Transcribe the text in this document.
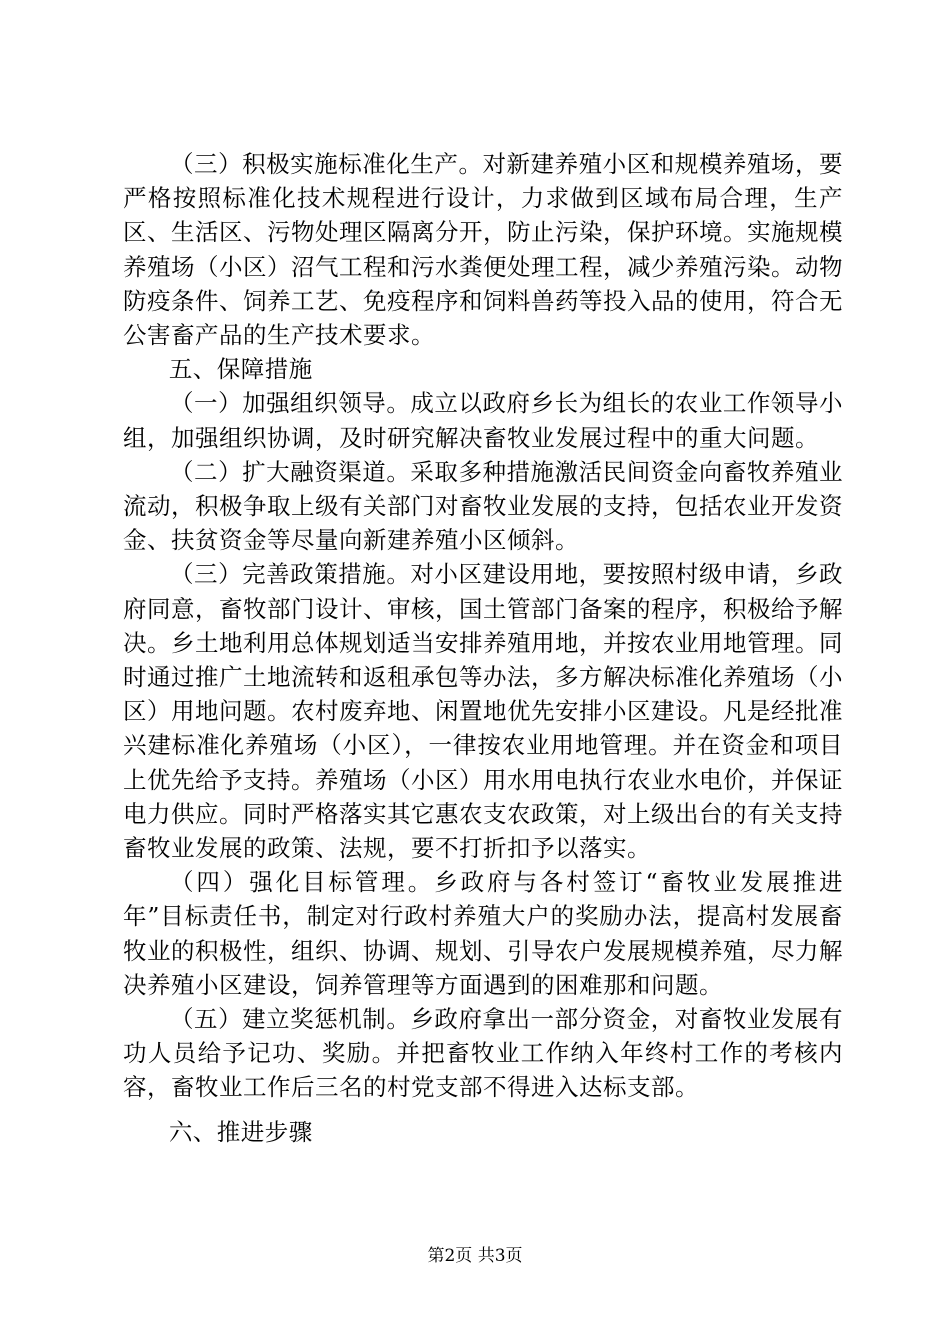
（三）积极实施标准化生产。对新建养殖小区和规模养殖场，要严格按照标准化技术规程进行设计，力求做到区域布局合理，生产区、生活区、污物处理区隔离分开，防止污染，保护环境。实施规模养殖场（小区）沼气工程和污水粪便处理工程，减少养殖污染。动物防疫条件、饲养工艺、免疫程序和饲料兽药等投入品的使用，符合无公害畜产品的生产技术要求。

五、保障措施

（一）加强组织领导。成立以政府乡长为组长的农业工作领导小组，加强组织协调，及时研究解决畜牧业发展过程中的重大问题。

（二）扩大融资渠道。采取多种措施激活民间资金向畜牧养殖业流动，积极争取上级有关部门对畜牧业发展的支持，包括农业开发资金、扶贫资金等尽量向新建养殖小区倾斜。

（三）完善政策措施。对小区建设用地，要按照村级申请，乡政府同意，畜牧部门设计、审核，国土管部门备案的程序，积极给予解决。乡土地利用总体规划适当安排养殖用地，并按农业用地管理。同时通过推广土地流转和返租承包等办法，多方解决标准化养殖场（小区）用地问题。农村废弃地、闲置地优先安排小区建设。凡是经批准兴建标准化养殖场（小区），一律按农业用地管理。并在资金和项目上优先给予支持。养殖场（小区）用水用电执行农业水电价，并保证电力供应。同时严格落实其它惠农支农政策，对上级出台的有关支持畜牧业发展的政策、法规，要不打折扣予以落实。

（四）强化目标管理。乡政府与各村签订“畜牧业发展推进年”目标责任书，制定对行政村养殖大户的奖励办法，提高村发展畜牧业的积极性，组织、协调、规划、引导农户发展规模养殖，尽力解决养殖小区建设，饲养管理等方面遇到的困难那和问题。

（五）建立奖惩机制。乡政府拿出一部分资金，对畜牧业发展有功人员给予记功、奖励。并把畜牧业工作纳入年终村工作的考核内容，畜牧业工作后三名的村党支部不得进入达标支部。

六、推进步骤

第2页 共3页
